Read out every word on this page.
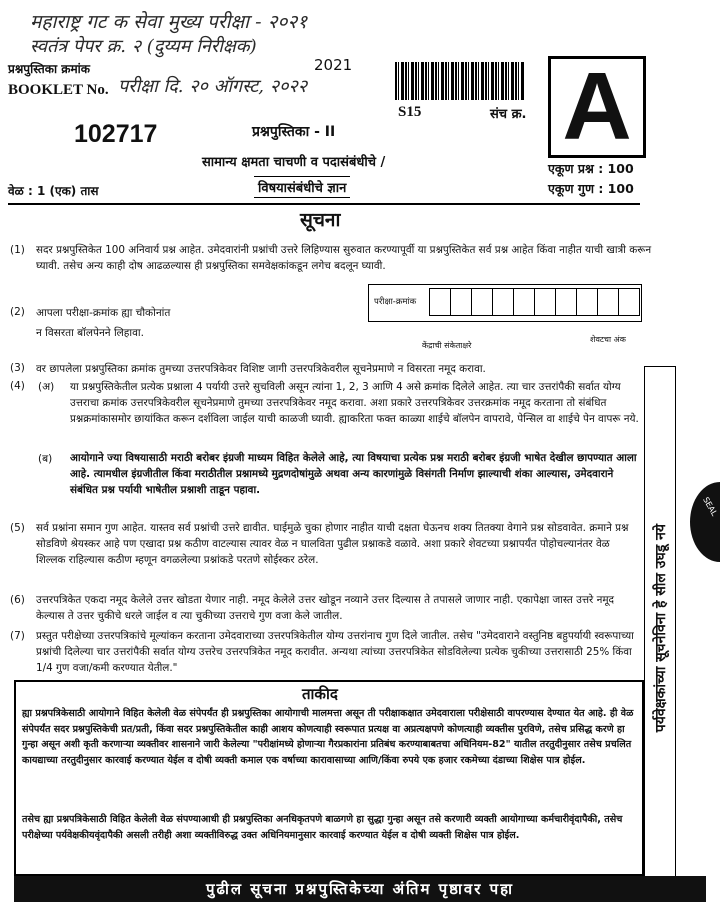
महाराष्ट्र गट क सेवा मुख्य परीक्षा - २०२१
स्वतंत्र पेपर क्र. २ (दुय्यम निरीक्षक)
प्रश्नपुस्तिका क्रमांक
BOOKLET No. परीक्षा दि. २० ऑगस्ट, २०२२
2021
S15	संच क्र. A
102717	प्रश्नपुस्तिका - II
सामान्य क्षमता चाचणी व पदासंबंधीचे /
विषयासंबंधीचे ज्ञान
एकूण प्रश्न : 100
एकूण गुण : 100
वेळ : 1 (एक) तास
सूचना
(1) सदर प्रश्नपुस्तिकेत 100 अनिवार्य प्रश्न आहेत. उमेदवारांनी प्रश्नांची उत्तरे लिहिण्यास सुरुवात करण्यापूर्वी या प्रश्नपुस्तिकेत सर्व प्रश्न आहेत किंवा नाहीत याची खात्री करून घ्यावी. तसेच अन्य काही दोष आढळल्यास ही प्रश्नपुस्तिका समवेक्षकांकडून लगेच बदलून घ्यावी.
(2) आपला परीक्षा-क्रमांक ह्या चौकोनांत
न विसरता बॉलपेनने लिहावा.
परीक्षा-क्रमांक
केंद्राची संकेताक्षरे
शेवटचा अंक
(3) वर छापलेला प्रश्नपुस्तिका क्रमांक तुमच्या उत्तरपत्रिकेवर विशिष्ट जागी उत्तरपत्रिकेवरील सूचनेप्रमाणे न विसरता नमूद करावा.
(4) (अ) या प्रश्नपुस्तिकेतील प्रत्येक प्रश्नाला 4 पर्यायी उत्तरे सुचविली असून त्यांना 1, 2, 3 आणि 4 असे क्रमांक दिलेले आहेत. त्या चार उत्तरांपैकी सर्वात योग्य उत्तराचा क्रमांक उत्तरपत्रिकेवरील सूचनेप्रमाणे तुमच्या उत्तरपत्रिकेवर नमूद करावा. अशा प्रकारे उत्तरपत्रिकेवर उत्तरक्रमांक नमूद करताना तो संबंधित प्रश्नक्रमांकासमोर छायांकित करून दर्शविला जाईल याची काळजी घ्यावी. ह्याकरिता फक्त काळ्या शाईचे बॉलपेन वापरावे, पेन्सिल वा शाईचे पेन वापरू नये.
(ब) आयोगाने ज्या विषयासाठी मराठी बरोबर इंग्रजी माध्यम विहित केलेले आहे, त्या विषयाचा प्रत्येक प्रश्न मराठी बरोबर इंग्रजी भाषेत देखील छापण्यात आला आहे. त्यामधील इंग्रजीतील किंवा मराठीतील प्रश्नामध्ये मुद्रणदोषांमुळे अथवा अन्य कारणांमुळे विसंगती निर्माण झाल्याची शंका आल्यास, उमेदवाराने संबंधित प्रश्न पर्यायी भाषेतील प्रश्नाशी ताडून पहावा.
(5) सर्व प्रश्नांना समान गुण आहेत. यास्तव सर्व प्रश्नांची उत्तरे द्यावीत. घाईमुळे चुका होणार नाहीत याची दक्षता घेऊनच शक्य तितक्या वेगाने प्रश्न सोडवावेत. क्रमाने प्रश्न सोडविणे श्रेयस्कर आहे पण एखादा प्रश्न कठीण वाटल्यास त्यावर वेळ न घालविता पुढील प्रश्नाकडे वळावे. अशा प्रकारे शेवटच्या प्रश्नापर्यंत पोहोचल्यानंतर वेळ शिल्लक राहिल्यास कठीण म्हणून वगळलेल्या प्रश्नांकडे परतणे सोईस्कर ठरेल.
(6) उत्तरपत्रिकेत एकदा नमूद केलेले उत्तर खोडता येणार नाही. नमूद केलेले उत्तर खोडून नव्याने उत्तर दिल्यास ते तपासले जाणार नाही. एकापेक्षा जास्त उत्तरे नमूद केल्यास ते उत्तर चुकीचे धरले जाईल व त्या चुकीच्या उत्तराचे गुण वजा केले जातील.
(7) प्रस्तुत परीक्षेच्या उत्तरपत्रिकांचे मूल्यांकन करताना उमेदवाराच्या उत्तरपत्रिकेतील योग्य उत्तरांनाच गुण दिले जातील. तसेच "उमेदवाराने वस्तुनिष्ठ बहुपर्यायी स्वरूपाच्या प्रश्नांची दिलेल्या चार उत्तरांपैकी सर्वात योग्य उत्तरेच उत्तरपत्रिकेत नमूद करावीत. अन्यथा त्यांच्या उत्तरपत्रिकेत सोडविलेल्या प्रत्येक चुकीच्या उत्तरासाठी 25% किंवा 1/4 गुण वजा/कमी करण्यात येतील."
ताकीद
ह्या प्रश्नपत्रिकेसाठी आयोगाने विहित केलेली वेळ संपेपर्यंत ही प्रश्नपुस्तिका आयोगाची मालमत्ता असून ती परीक्षाकक्षात उमेदवाराला परीक्षेसाठी वापरण्यास देण्यात येत आहे. ही वेळ संपेपर्यंत सदर प्रश्नपुस्तिकेची प्रत/प्रती, किंवा सदर प्रश्नपुस्तिकेतील काही आशय कोणत्याही स्वरूपात प्रत्यक्ष वा अप्रत्यक्षपणे कोणत्याही व्यक्तीस पुरविणे, तसेच प्रसिद्ध करणे हा गुन्हा असून अशी कृती करणाऱ्या व्यक्तीवर शासनाने जारी केलेल्या "परीक्षांमध्ये होणाऱ्या गैरप्रकारांना प्रतिबंध करण्याबाबतचा अधिनियम-82" यातील तरतुदीनुसार तसेच प्रचलित कायद्याच्या तरतुदीनुसार कारवाई करण्यात येईल व दोषी व्यक्ती कमाल एक वर्षाच्या कारावासाच्या आणि/किंवा रुपये एक हजार रकमेच्या दंडाच्या शिक्षेस पात्र होईल.
तसेच ह्या प्रश्नपत्रिकेसाठी विहित केलेली वेळ संपण्याआधी ही प्रश्नपुस्तिका अनधिकृतपणे बाळगणे हा सुद्धा गुन्हा असून तसे करणारी व्यक्ती आयोगाच्या कर्मचारीवृंदापैकी, तसेच परीक्षेच्या पर्यवेक्षकीयवृंदापैकी असली तरीही अशा व्यक्तीविरुद्ध उक्त अधिनियमानुसार कारवाई करण्यात येईल व दोषी व्यक्ती शिक्षेस पात्र होईल.
पर्यवेक्षकांच्या सूचनेविना हे सील उघडू नये
SEAL
पुढील सूचना प्रश्नपुस्तिकेच्या अंतिम पृष्ठावर पहा
